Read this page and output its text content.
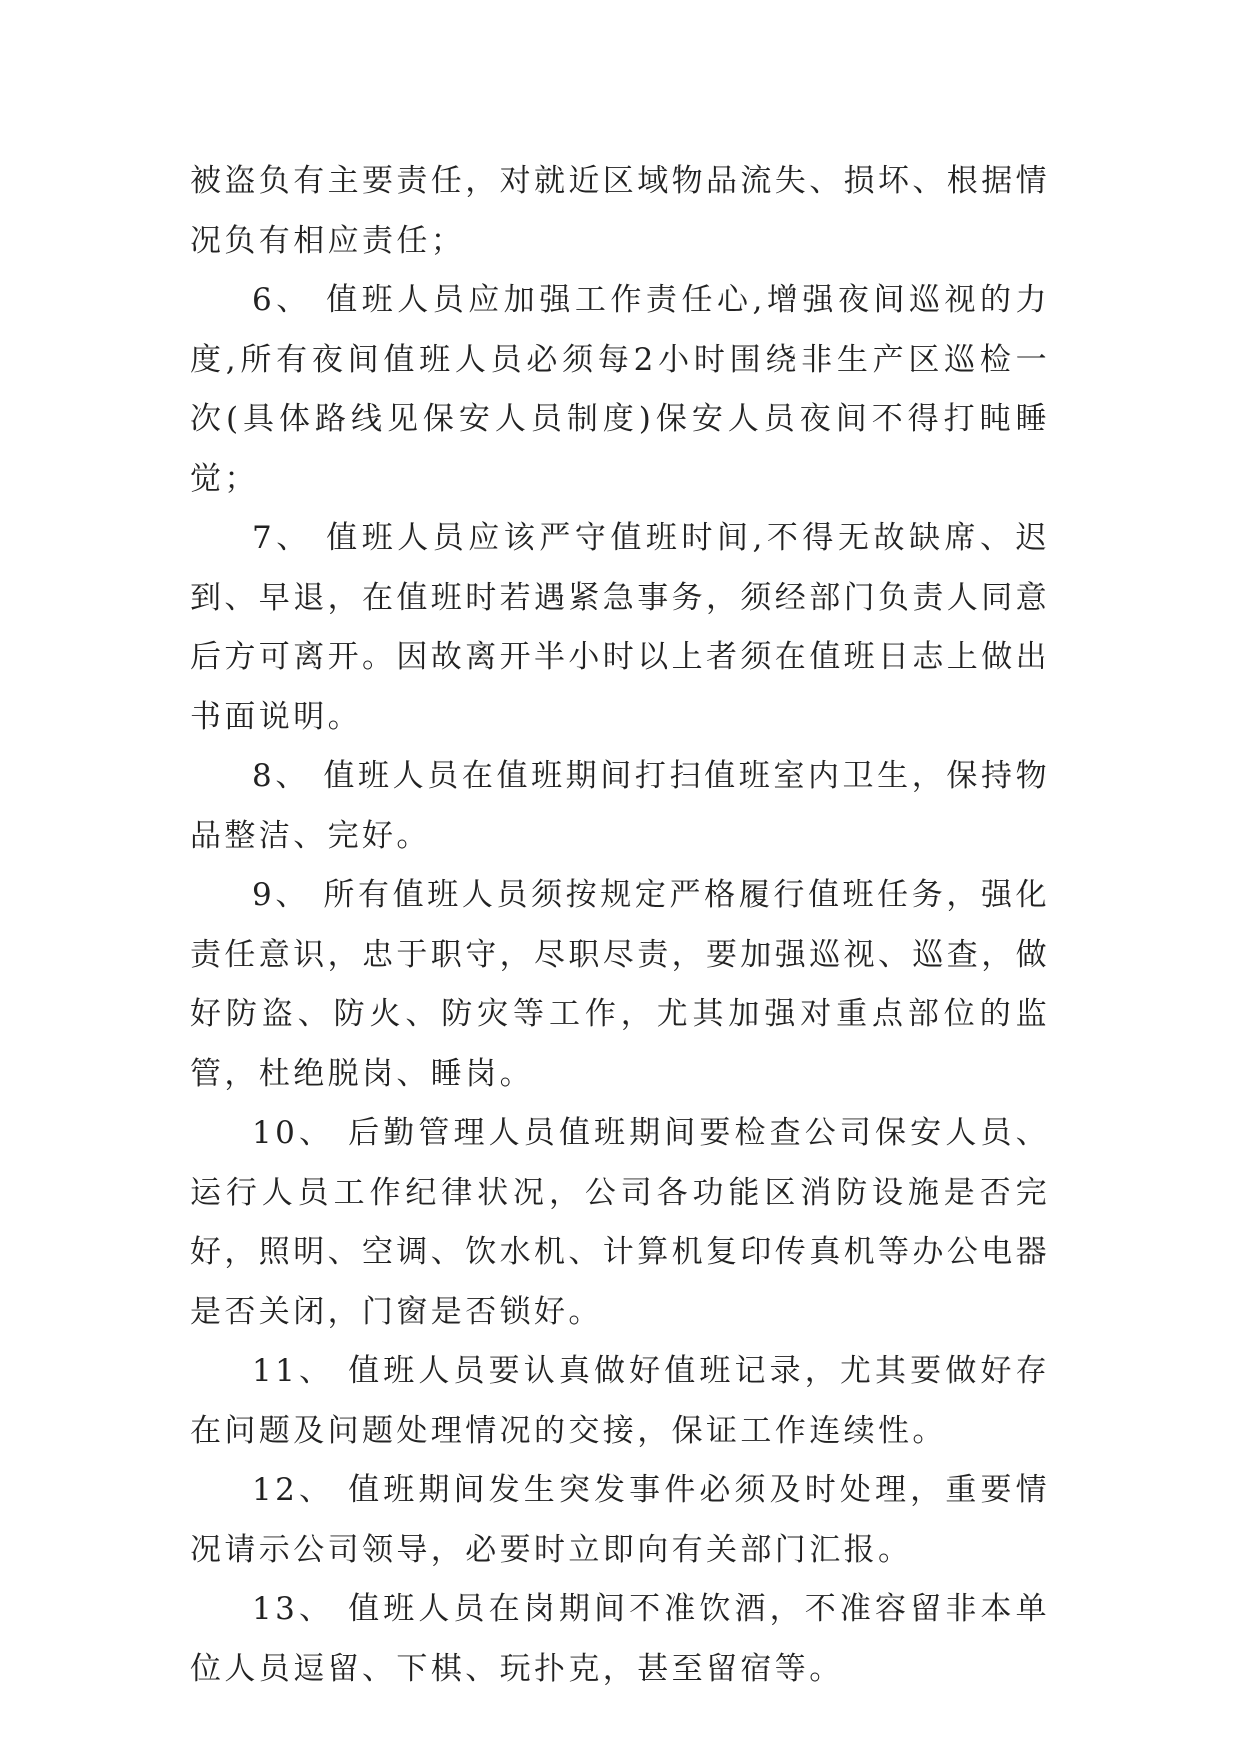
被盗负有主要责任，对就近区域物品流失、损坏、根据情况负有相应责任；

6、 值班人员应加强工作责任心,增强夜间巡视的力度,所有夜间值班人员必须每2小时围绕非生产区巡检一次(具体路线见保安人员制度)保安人员夜间不得打盹睡觉；

7、 值班人员应该严守值班时间,不得无故缺席、迟到、早退，在值班时若遇紧急事务，须经部门负责人同意后方可离开。因故离开半小时以上者须在值班日志上做出书面说明。

8、 值班人员在值班期间打扫值班室内卫生，保持物品整洁、完好。

9、 所有值班人员须按规定严格履行值班任务，强化责任意识，忠于职守，尽职尽责，要加强巡视、巡查，做好防盗、防火、防灾等工作，尤其加强对重点部位的监管，杜绝脱岗、睡岗。

10、 后勤管理人员值班期间要检查公司保安人员、运行人员工作纪律状况，公司各功能区消防设施是否完好，照明、空调、饮水机、计算机复印传真机等办公电器是否关闭，门窗是否锁好。

11、 值班人员要认真做好值班记录，尤其要做好存在问题及问题处理情况的交接，保证工作连续性。

12、 值班期间发生突发事件必须及时处理，重要情况请示公司领导，必要时立即向有关部门汇报。

13、 值班人员在岗期间不准饮酒，不准容留非本单位人员逗留、下棋、玩扑克，甚至留宿等。
